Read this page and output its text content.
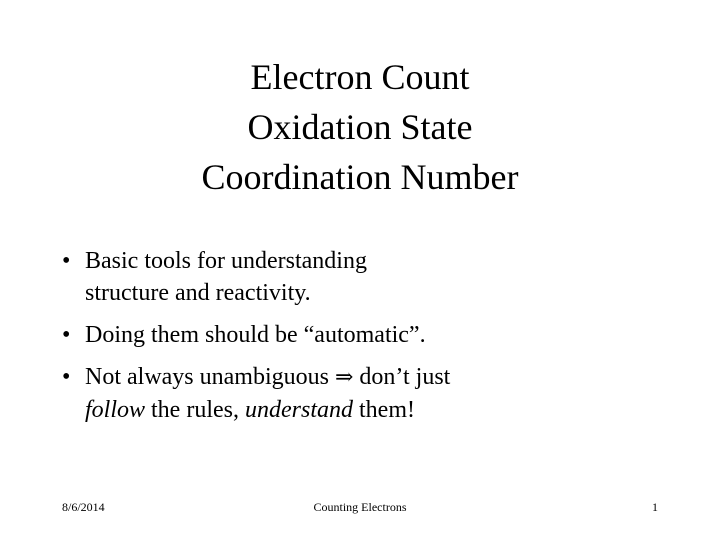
Electron Count
Oxidation State
Coordination Number
• Basic tools for understanding
structure and reactivity.
• Doing them should be “automatic”.
• Not always unambiguous ⇒ don’t just
follow the rules, understand them!
8/6/2014	Counting Electrons	1
